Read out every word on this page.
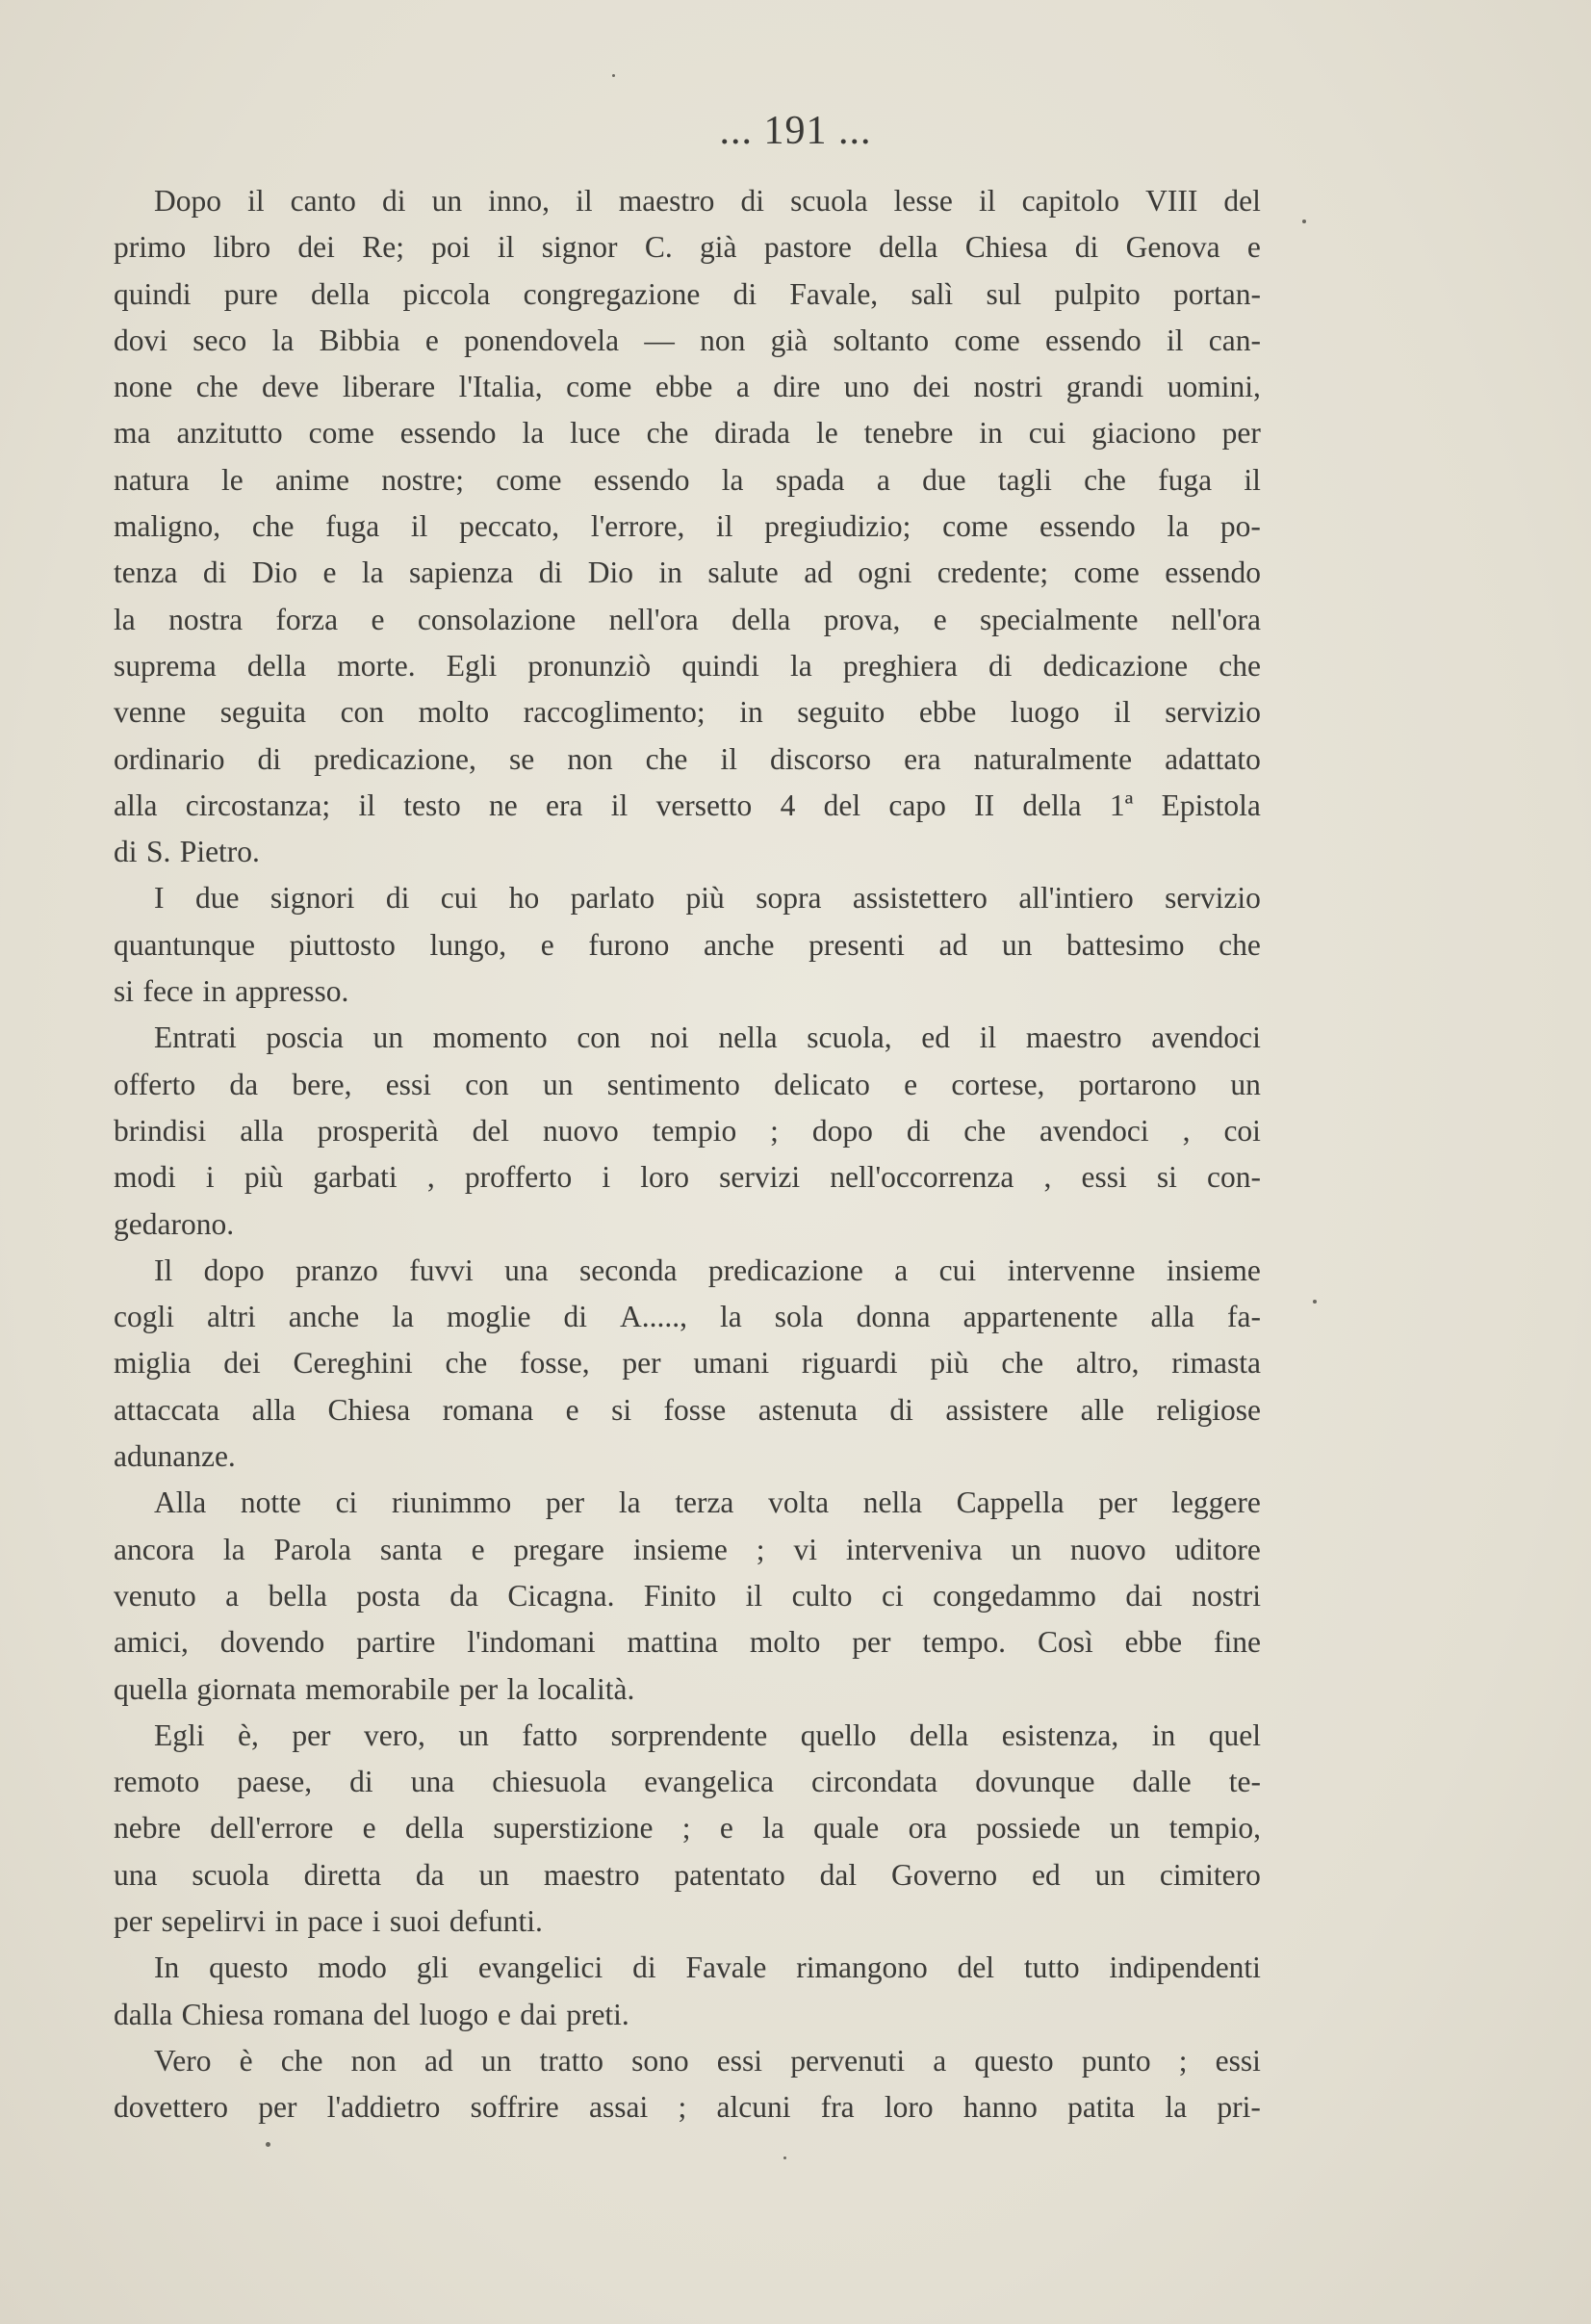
... 191 ...
Dopo il canto di un inno, il maestro di scuola lesse il capitolo VIII del
primo libro dei Re; poi il signor C. già pastore della Chiesa di Genova e
quindi pure della piccola congregazione di Favale, salì sul pulpito portan-
dovi seco la Bibbia e ponendovela — non già soltanto come essendo il can-
none che deve liberare l'Italia, come ebbe a dire uno dei nostri grandi uomini,
ma anzitutto come essendo la luce che dirada le tenebre in cui giaciono per
natura le anime nostre; come essendo la spada a due tagli che fuga il
maligno, che fuga il peccato, l'errore, il pregiudizio; come essendo la po-
tenza di Dio e la sapienza di Dio in salute ad ogni credente; come essendo
la nostra forza e consolazione nell'ora della prova, e specialmente nell'ora
suprema della morte. Egli pronunziò quindi la preghiera di dedicazione che
venne seguita con molto raccoglimento; in seguito ebbe luogo il servizio
ordinario di predicazione, se non che il discorso era naturalmente adattato
alla circostanza; il testo ne era il versetto 4 del capo II della 1ª Epistola
di S. Pietro.
I due signori di cui ho parlato più sopra assistettero all'intiero servizio
quantunque piuttosto lungo, e furono anche presenti ad un battesimo che
si fece in appresso.
Entrati poscia un momento con noi nella scuola, ed il maestro avendoci
offerto da bere, essi con un sentimento delicato e cortese, portarono un
brindisi alla prosperità del nuovo tempio ; dopo di che avendoci , coi
modi i più garbati , profferto i loro servizi nell'occorrenza , essi si con-
gedarono.
Il dopo pranzo fuvvi una seconda predicazione a cui intervenne insieme
cogli altri anche la moglie di A....., la sola donna appartenente alla fa-
miglia dei Cereghini che fosse, per umani riguardi più che altro, rimasta
attaccata alla Chiesa romana e si fosse astenuta di assistere alle religiose
adunanze.
Alla notte ci riunimmo per la terza volta nella Cappella per leggere
ancora la Parola santa e pregare insieme ; vi interveniva un nuovo uditore
venuto a bella posta da Cicagna. Finito il culto ci congedammo dai nostri
amici, dovendo partire l'indomani mattina molto per tempo. Così ebbe fine
quella giornata memorabile per la località.
Egli è, per vero, un fatto sorprendente quello della esistenza, in quel
remoto paese, di una chiesuola evangelica circondata dovunque dalle te-
nebre dell'errore e della superstizione ; e la quale ora possiede un tempio,
una scuola diretta da un maestro patentato dal Governo ed un cimitero
per sepelirvi in pace i suoi defunti.
In questo modo gli evangelici di Favale rimangono del tutto indipendenti
dalla Chiesa romana del luogo e dai preti.
Vero è che non ad un tratto sono essi pervenuti a questo punto ; essi
dovettero per l'addietro soffrire assai ; alcuni fra loro hanno patita la pri-
